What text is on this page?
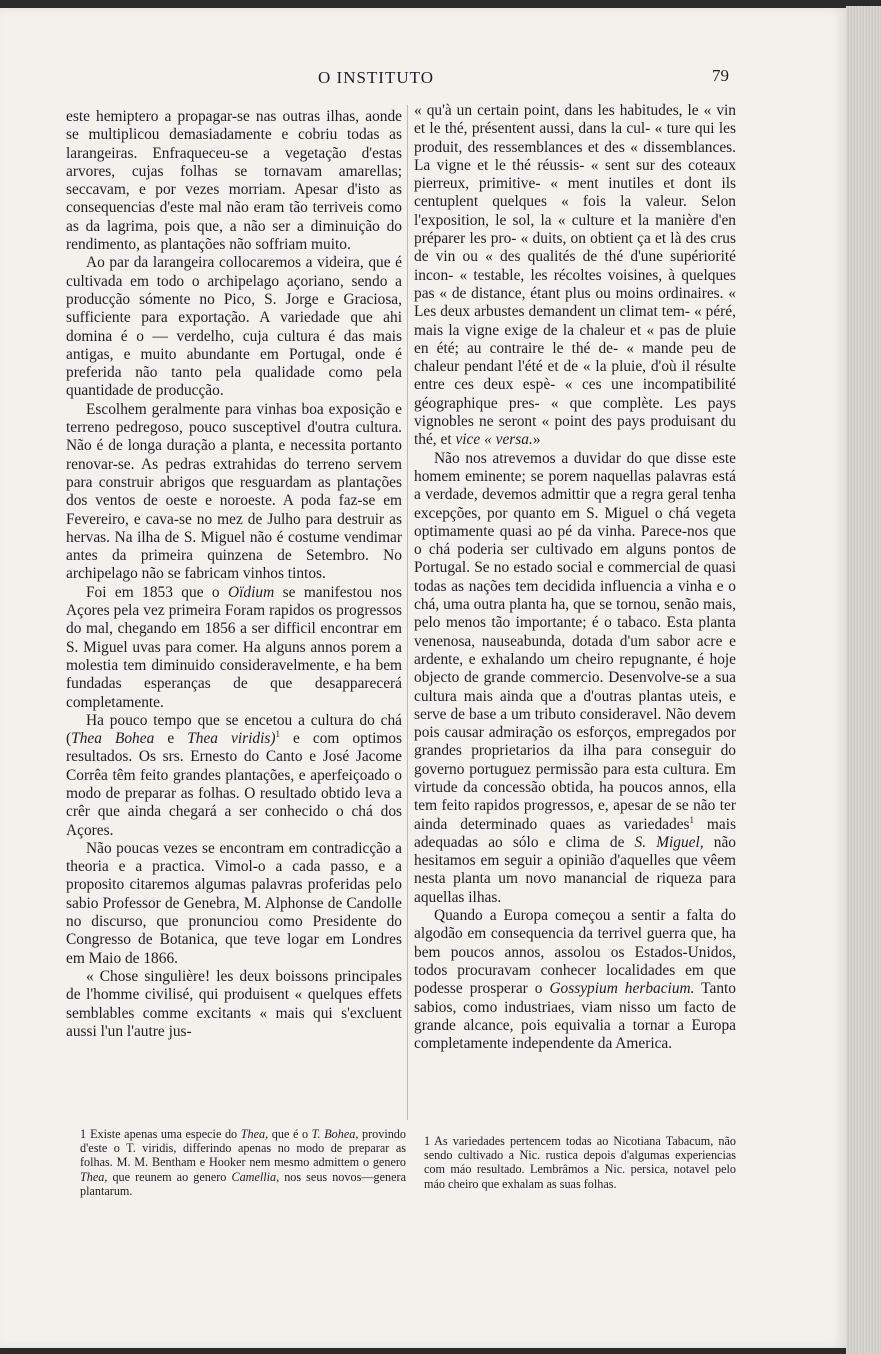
O INSTITUTO	79

este hemiptero a propagar-se nas outras ilhas, aonde se multiplicou demasiadamente e cobriu todas as larangeiras. Enfraqueceu-se a vegetação d'estas arvores, cujas folhas se tornavam amarellas; seccavam, e por vezes morriam. Apesar d'isto as consequencias d'este mal não eram tão terriveis como as da lagrima, pois que, a não ser a diminuição do rendimento, as plantações não soffriam muito.

Ao par da larangeira collocaremos a videira, que é cultivada em todo o archipelago açoriano, sendo a producção sómente no Pico, S. Jorge e Graciosa, sufficiente para exportação. A variedade que ahi domina é o — verdelho, cuja cultura é das mais antigas, e muito abundante em Portugal, onde é preferida não tanto pela qualidade como pela quantidade de producção.

Escolhem geralmente para vinhas boa exposição e terreno pedregoso, pouco susceptivel d'outra cultura. Não é de longa duração a planta, e necessita portanto renovar-se. As pedras extrahidas do terreno servem para construir abrigos que resguardam as plantações dos ventos de oeste e noroeste. A poda faz-se em Fevereiro, e cava-se no mez de Julho para destruir as hervas. Na ilha de S. Miguel não é costume vendimar antes da primeira quinzena de Setembro. No archipelago não se fabricam vinhos tintos.

Foi em 1853 que o Oïdium se manifestou nos Açores pela vez primeira Foram rapidos os progressos do mal, chegando em 1856 a ser difficil encontrar em S. Miguel uvas para comer. Ha alguns annos porem a molestia tem diminuido consideravelmente, e ha bem fundadas esperanças de que desapparecerá completamente.

Ha pouco tempo que se encetou a cultura do chá (Thea Bohea e Thea viridis)$^1$ e com optimos resultados. Os srs. Ernesto do Canto e José Jacome Corrêa têm feito grandes plantações, e aperfeiçoado o modo de preparar as folhas. O resultado obtido leva a crêr que ainda chegará a ser conhecido o chá dos Açores.

Não poucas vezes se encontram em contradicção a theoria e a practica. Vimol-o a cada passo, e a proposito citaremos algumas palavras proferidas pelo sabio Professor de Genebra, M. Alphonse de Candolle no discurso, que pronunciou como Presidente do Congresso de Botanica, que teve logar em Londres em Maio de 1866.

« Chose singulière! les deux boissons principales de l'homme civilisé, qui produisent « quelques effets semblables comme excitants « mais qui s'excluent aussi l'un l'autre jus-

« qu'à un certain point, dans les habitudes, le « vin et le thé, présentent aussi, dans la cul- « ture qui les produit, des ressemblances et des « dissemblances. La vigne et le thé réussis- « sent sur des coteaux pierreux, primitive- « ment inutiles et dont ils centuplent quelques « fois la valeur. Selon l'exposition, le sol, la « culture et la manière d'en préparer les pro- « duits, on obtient ça et là des crus de vin ou « des qualités de thé d'une supériorité incon- « testable, les récoltes voisines, à quelques pas « de distance, étant plus ou moins ordinaires. « Les deux arbustes demandent un climat tem- « péré, mais la vigne exige de la chaleur et « pas de pluie en été; au contraire le thé de- « mande peu de chaleur pendant l'été et de « la pluie, d'où il résulte entre ces deux espè- « ces une incompatibilité géographique pres- « que complète. Les pays vignobles ne seront « point des pays produisant du thé, et vice « versa.»

Não nos atrevemos a duvidar do que disse este homem eminente; se porem naquellas palavras está a verdade, devemos admittir que a regra geral tenha excepções, por quanto em S. Miguel o chá vegeta optimamente quasi ao pé da vinha. Parece-nos que o chá poderia ser cultivado em alguns pontos de Portugal. Se no estado social e commercial de quasi todas as nações tem decidida influencia a vinha e o chá, uma outra planta ha, que se tornou, senão mais, pelo menos tão importante; é o tabaco. Esta planta venenosa, nauseabunda, dotada d'um sabor acre e ardente, e exhalando um cheiro repugnante, é hoje objecto de grande commercio. Desenvolve-se a sua cultura mais ainda que a d'outras plantas uteis, e serve de base a um tributo consideravel. Não devem pois causar admiração os esforços, empregados por grandes proprietarios da ilha para conseguir do governo portuguez permissão para esta cultura. Em virtude da concessão obtida, ha poucos annos, ella tem feito rapidos progressos, e, apesar de se não ter ainda determinado quaes as variedades$^1$ mais adequadas ao sólo e clima de S. Miguel, não hesitamos em seguir a opinião d'aquelles que vêem nesta planta um novo manancial de riqueza para aquellas ilhas.

Quando a Europa começou a sentir a falta do algodão em consequencia da terrivel guerra que, ha bem poucos annos, assolou os Estados-Unidos, todos procuravam conhecer localidades em que podesse prosperar o Gossypium herbacium. Tanto sabios, como industriaes, viam nisso um facto de grande alcance, pois equivalia a tornar a Europa completamente independente da America.

1 Existe apenas uma especie do Thea, que é o T. Bohea, provindo d'este o T. viridis, differindo apenas no modo de preparar as folhas. M. M. Bentham e Hooker nem mesmo admittem o genero Thea, que reunem ao genero Camellia, nos seus novos—genera plantarum.
1 As variedades pertencem todas ao Nicotiana Tabacum, não sendo cultivado a Nic. rustica depois d'algumas experiencias com máo resultado. Lembrâmos a Nic. persica, notavel pelo máo cheiro que exhalam as suas folhas.
